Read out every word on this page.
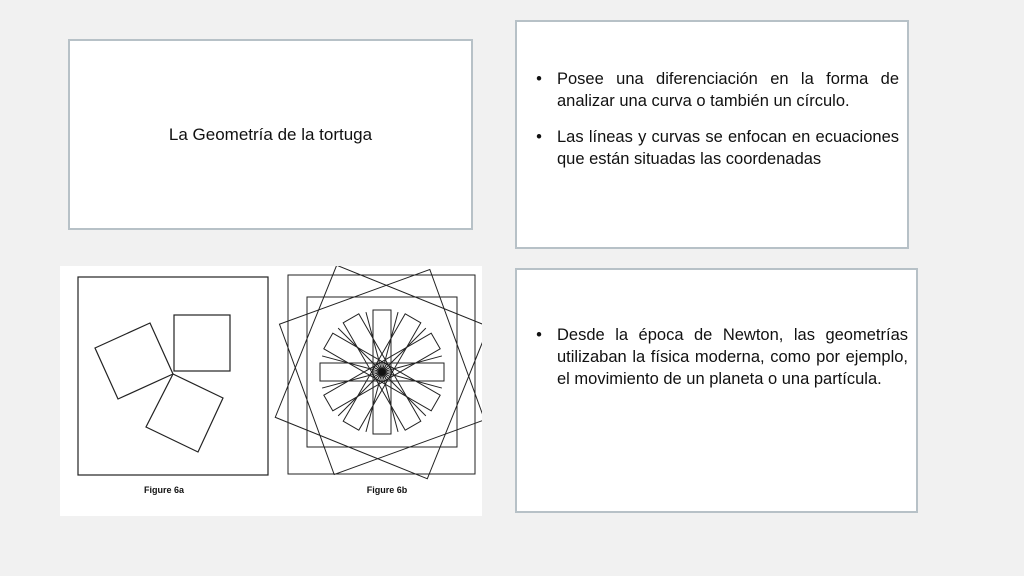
La Geometría de la tortuga
• Posee una diferenciación en la forma de analizar una curva o también un círculo.
• Las líneas y curvas se enfocan en ecuaciones que están situadas las coordenadas
Figure 6a	Figure 6b
• Desde la época de Newton, las geometrías utilizaban la física moderna, como por ejemplo, el movimiento de un planeta o una partícula.
